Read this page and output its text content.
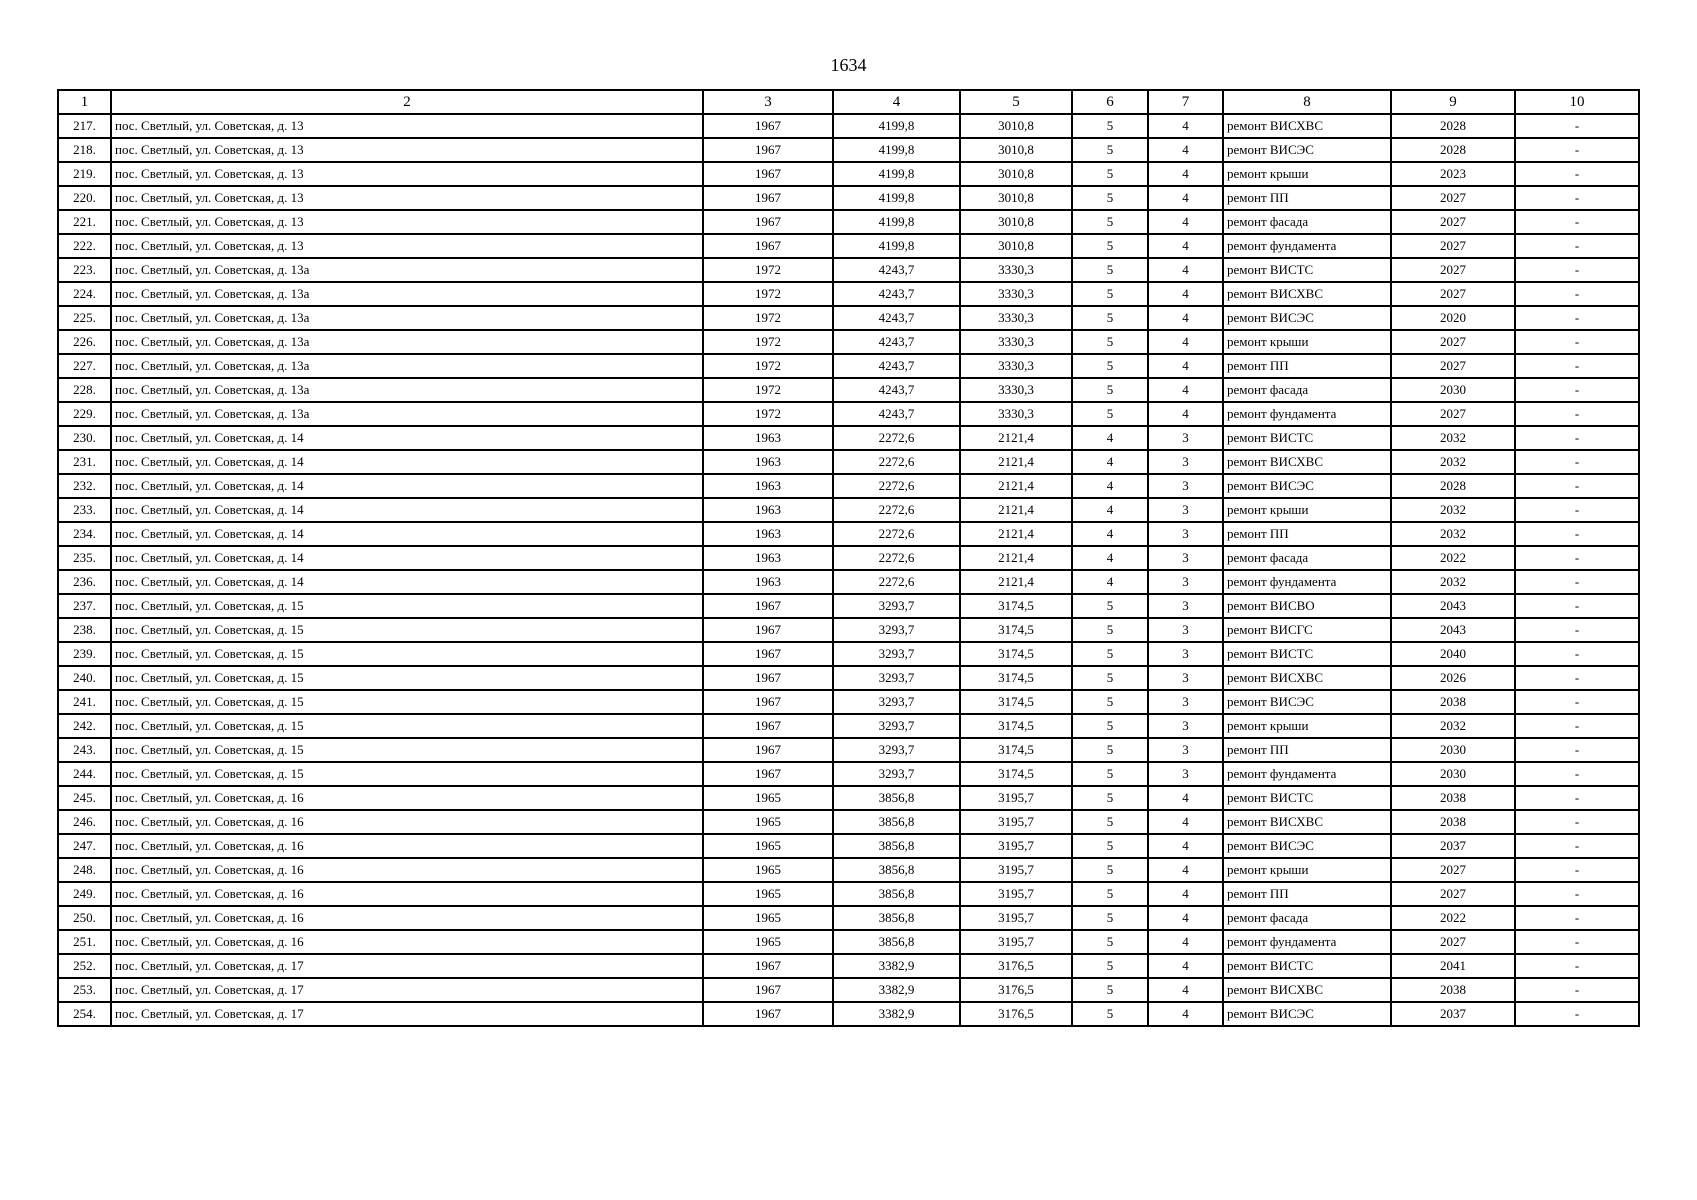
1634
1	2	3	4	5	6	7	8	9	10
217.	пос. Светлый, ул. Советская, д. 13	1967	4199,8	3010,8	5	4	ремонт ВИСХВС	2028	-
218.	пос. Светлый, ул. Советская, д. 13	1967	4199,8	3010,8	5	4	ремонт ВИСЭС	2028	-
219.	пос. Светлый, ул. Советская, д. 13	1967	4199,8	3010,8	5	4	ремонт крыши	2023	-
220.	пос. Светлый, ул. Советская, д. 13	1967	4199,8	3010,8	5	4	ремонт ПП	2027	-
221.	пос. Светлый, ул. Советская, д. 13	1967	4199,8	3010,8	5	4	ремонт фасада	2027	-
222.	пос. Светлый, ул. Советская, д. 13	1967	4199,8	3010,8	5	4	ремонт фундамента	2027	-
223.	пос. Светлый, ул. Советская, д. 13а	1972	4243,7	3330,3	5	4	ремонт ВИСТС	2027	-
224.	пос. Светлый, ул. Советская, д. 13а	1972	4243,7	3330,3	5	4	ремонт ВИСХВС	2027	-
225.	пос. Светлый, ул. Советская, д. 13а	1972	4243,7	3330,3	5	4	ремонт ВИСЭС	2020	-
226.	пос. Светлый, ул. Советская, д. 13а	1972	4243,7	3330,3	5	4	ремонт крыши	2027	-
227.	пос. Светлый, ул. Советская, д. 13а	1972	4243,7	3330,3	5	4	ремонт ПП	2027	-
228.	пос. Светлый, ул. Советская, д. 13а	1972	4243,7	3330,3	5	4	ремонт фасада	2030	-
229.	пос. Светлый, ул. Советская, д. 13а	1972	4243,7	3330,3	5	4	ремонт фундамента	2027	-
230.	пос. Светлый, ул. Советская, д. 14	1963	2272,6	2121,4	4	3	ремонт ВИСТС	2032	-
231.	пос. Светлый, ул. Советская, д. 14	1963	2272,6	2121,4	4	3	ремонт ВИСХВС	2032	-
232.	пос. Светлый, ул. Советская, д. 14	1963	2272,6	2121,4	4	3	ремонт ВИСЭС	2028	-
233.	пос. Светлый, ул. Советская, д. 14	1963	2272,6	2121,4	4	3	ремонт крыши	2032	-
234.	пос. Светлый, ул. Советская, д. 14	1963	2272,6	2121,4	4	3	ремонт ПП	2032	-
235.	пос. Светлый, ул. Советская, д. 14	1963	2272,6	2121,4	4	3	ремонт фасада	2022	-
236.	пос. Светлый, ул. Советская, д. 14	1963	2272,6	2121,4	4	3	ремонт фундамента	2032	-
237.	пос. Светлый, ул. Советская, д. 15	1967	3293,7	3174,5	5	3	ремонт ВИСВО	2043	-
238.	пос. Светлый, ул. Советская, д. 15	1967	3293,7	3174,5	5	3	ремонт ВИСГС	2043	-
239.	пос. Светлый, ул. Советская, д. 15	1967	3293,7	3174,5	5	3	ремонт ВИСТС	2040	-
240.	пос. Светлый, ул. Советская, д. 15	1967	3293,7	3174,5	5	3	ремонт ВИСХВС	2026	-
241.	пос. Светлый, ул. Советская, д. 15	1967	3293,7	3174,5	5	3	ремонт ВИСЭС	2038	-
242.	пос. Светлый, ул. Советская, д. 15	1967	3293,7	3174,5	5	3	ремонт крыши	2032	-
243.	пос. Светлый, ул. Советская, д. 15	1967	3293,7	3174,5	5	3	ремонт ПП	2030	-
244.	пос. Светлый, ул. Советская, д. 15	1967	3293,7	3174,5	5	3	ремонт фундамента	2030	-
245.	пос. Светлый, ул. Советская, д. 16	1965	3856,8	3195,7	5	4	ремонт ВИСТС	2038	-
246.	пос. Светлый, ул. Советская, д. 16	1965	3856,8	3195,7	5	4	ремонт ВИСХВС	2038	-
247.	пос. Светлый, ул. Советская, д. 16	1965	3856,8	3195,7	5	4	ремонт ВИСЭС	2037	-
248.	пос. Светлый, ул. Советская, д. 16	1965	3856,8	3195,7	5	4	ремонт крыши	2027	-
249.	пос. Светлый, ул. Советская, д. 16	1965	3856,8	3195,7	5	4	ремонт ПП	2027	-
250.	пос. Светлый, ул. Советская, д. 16	1965	3856,8	3195,7	5	4	ремонт фасада	2022	-
251.	пос. Светлый, ул. Советская, д. 16	1965	3856,8	3195,7	5	4	ремонт фундамента	2027	-
252.	пос. Светлый, ул. Советская, д. 17	1967	3382,9	3176,5	5	4	ремонт ВИСТС	2041	-
253.	пос. Светлый, ул. Советская, д. 17	1967	3382,9	3176,5	5	4	ремонт ВИСХВС	2038	-
254.	пос. Светлый, ул. Советская, д. 17	1967	3382,9	3176,5	5	4	ремонт ВИСЭС	2037	-
